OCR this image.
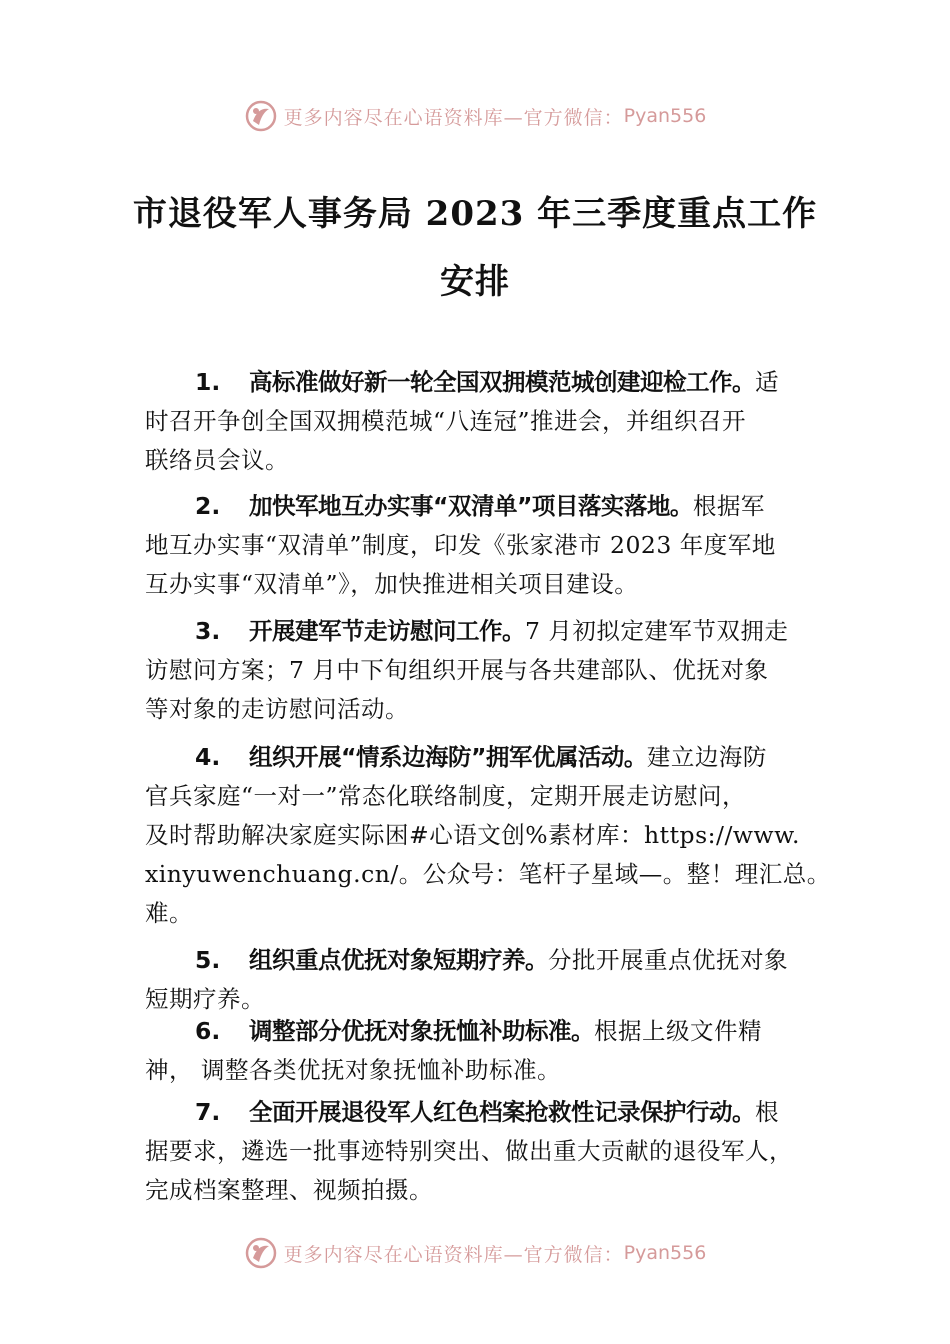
更多内容尽在心语资料库—官方微信： Pyan556
市退役军人事务局 2023 年三季度重点工作
安排
1. 高标准做好新一轮全国双拥模范城创建迎检工作。适
时召开争创全国双拥模范城“八连冠”推进会，并组织召开
联络员会议。
2. 加快军地互办实事“双清单”项目落实落地。根据军
地互办实事“双清单”制度，印发《张家港市 2023 年度军地
互办实事“双清单”》，加快推进相关项目建设。
3. 开展建军节走访慰问工作。7 月初拟定建军节双拥走
访慰问方案；7 月中下旬组织开展与各共建部队、优抚对象
等对象的走访慰问活动。
4. 组织开展“情系边海防”拥军优属活动。建立边海防
官兵家庭“一对一”常态化联络制度，定期开展走访慰问，
及时帮助解决家庭实际困#心语文创%素材库：https://www.
xinyuwenchuang.cn/。公众号：笔杆子星域—。整！理汇总。
难。
5. 组织重点优抚对象短期疗养。分批开展重点优抚对象
短期疗养。
6. 调整部分优抚对象抚恤补助标准。根据上级文件精
神， 调整各类优抚对象抚恤补助标准。
7. 全面开展退役军人红色档案抢救性记录保护行动。根
据要求，遴选一批事迹特别突出、做出重大贡献的退役军人，
完成档案整理、视频拍摄。
更多内容尽在心语资料库—官方微信： Pyan556
